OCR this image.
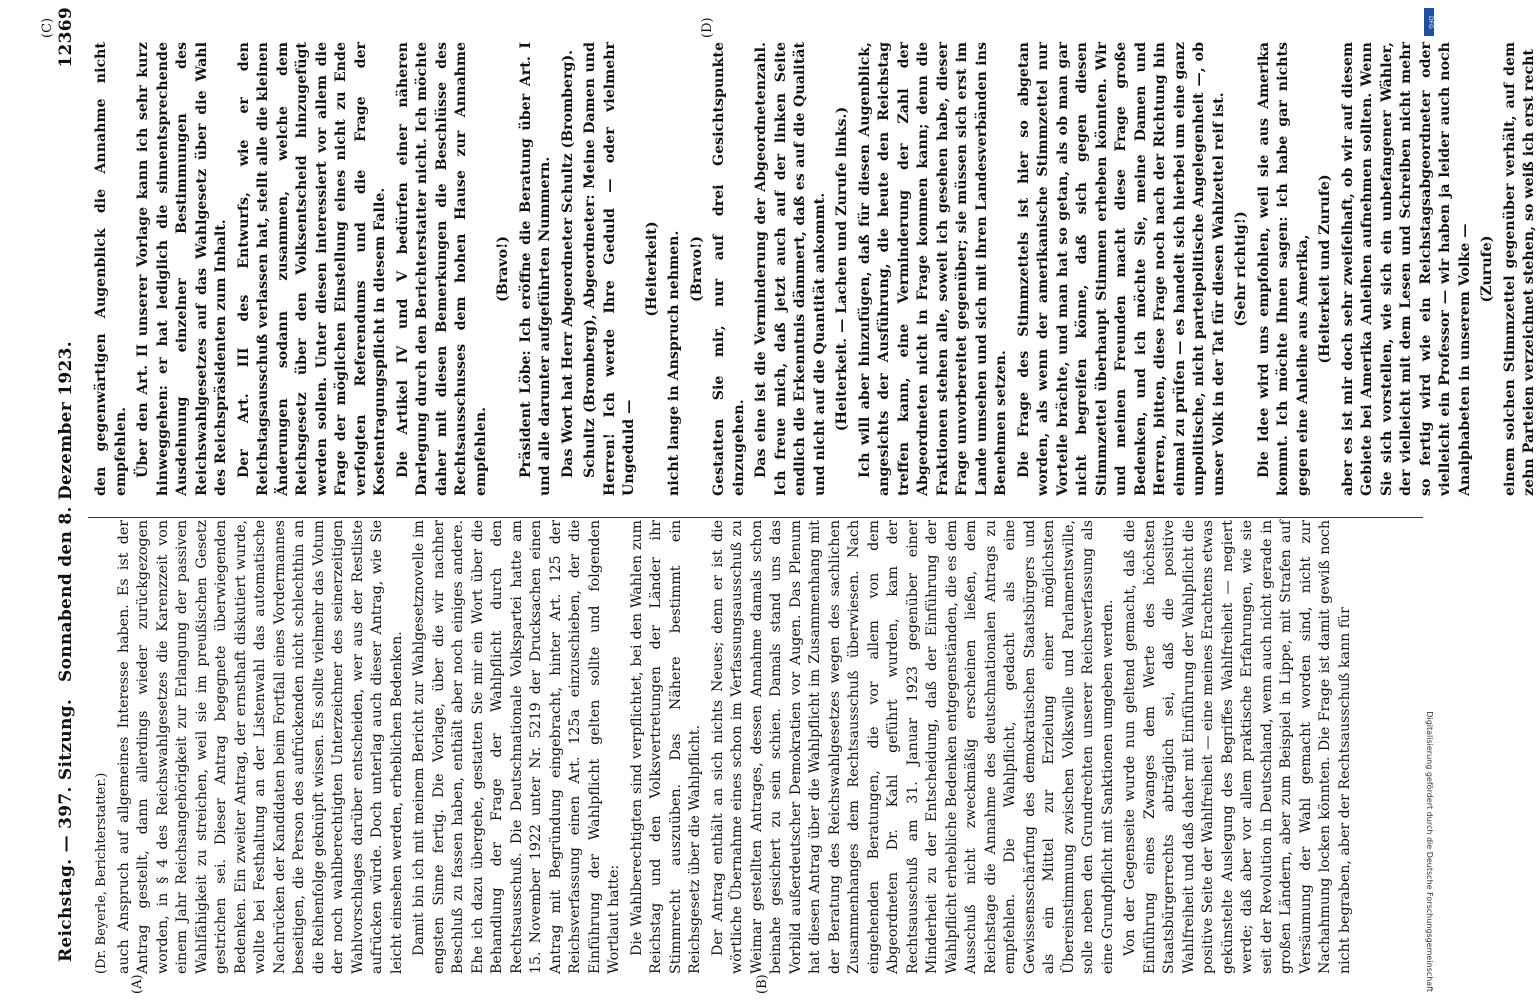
Reichstag. — 397. Sitzung.
Sonnabend den 8. Dezember 1923.
12369
(A)	(B)
(C)	(D)

(Dr. Beyerle, Berichterstatter.) auch Anspruch auf allgemeines Interesse haben. Es ist der Antrag gestellt, dann allerdings wieder zurückgezogen worden, in § 4 des Reichswahlgesetzes die Karenzzeit von einem Jahr Reichsangehörigkeit zur Erlangung der passiven Wahlfähigkeit zu streichen, weil sie im preußischen Gesetz gestrichen sei. Dieser Antrag begegnete überwiegenden Bedenken. Ein zweiter Antrag, der ernsthaft diskutiert wurde, wollte bei Festhaltung an der Listenwahl das automatische Nachrücken der Kandidaten beim Fortfall eines Vordermannes beseitigen, die Person des aufrückenden nicht schlechthin an die Reihenfolge geknüpft wissen. Es sollte vielmehr das Votum der noch wahlberechtigten Unterzeichner des seinerzeitigen Wahlvorschlages darüber entscheiden, wer aus der Restliste aufrücken würde. Doch unterlag auch dieser Antrag, wie Sie leicht einsehen werden, erheblichen Bedenken. Damit bin ich mit meinem Bericht zur Wahlgesetznovelle im engsten Sinne fertig. Die Vorlage, über die wir nachher Beschluß zu fassen haben, enthält aber noch einiges andere. Ehe ich dazu übergehe, gestatten Sie mir ein Wort über die Behandlung der Frage der Wahlpflicht durch den Rechtsausschuß. Die Deutschnationale Volkspartei hatte am 15. November 1922 unter Nr. 5219 der Drucksachen einen Antrag mit Begründung eingebracht, hinter Art. 125 der Reichsverfassung einen Art. 125a einzuschieben, der die Einführung der Wahlpflicht gelten sollte und folgenden Wortlaut hatte: Die Wahlberechtigten sind verpflichtet, bei den Wahlen zum Reichstag und den Volksvertretungen der Länder ihr Stimmrecht auszuüben. Das Nähere bestimmt ein Reichsgesetz über die Wahlpflicht. Der Antrag enthält an sich nichts Neues; denn er ist die wörtliche Übernahme eines schon im Verfassungsausschuß zu Weimar gestellten Antrages, dessen Annahme damals schon beinahe gesichert zu sein schien. Damals stand uns das Vorbild außerdeutscher Demokratien vor Augen. Das Plenum hat diesen Antrag über die Wahlpflicht im Zusammenhang mit der Beratung des Reichswahlgesetzes wegen des sachlichen Zusammenhanges dem Rechtsausschuß überwiesen. Nach eingehenden Beratungen, die vor allem von dem Abgeordneten Dr. Kahl geführt wurden, kam der Rechtsausschuß am 31. Januar 1923 gegenüber einer Minderheit zu der Entscheidung, daß der Einführung der Wahlpflicht erhebliche Bedenken entgegenständen, die es dem Ausschuß nicht zweckmäßig erscheinen ließen, dem Reichstage die Annahme des deutschnationalen Antrags zu empfehlen. Die Wahlpflicht, gedacht als eine Gewissensschärfung des demokratischen Staatsbürgers und als ein Mittel zur Erzielung einer möglichsten Übereinstimmung zwischen Volkswille und Parlamentswille, solle neben den Grundrechten unserer Reichsverfassung als eine Grundpflicht mit Sanktionen umgeben werden. Von der Gegenseite wurde nun geltend gemacht, daß die Einführung eines Zwanges dem Werte des höchsten Staatsbürgerrechts abträglich sei, daß die positive Wahlfreiheit und daß daher mit Einführung der Wahlpflicht die positive Seite der Wahlfreiheit — eine meines Erachtens etwas gekünstelte Auslegung des Begriffes Wahlfreiheit — negiert werde; daß aber vor allem praktische Erfahrungen, wie sie seit der Revolution in Deutschland, wenn auch nicht gerade in großen Ländern, aber zum Beispiel in Lippe, mit Strafen auf Versäumung der Wahl gemacht worden sind, nicht zur Nachahmung locken könnten. Die Frage ist damit gewiß noch nicht begraben, aber der Rechtsausschuß kann für

den gegenwärtigen Augenblick die Annahme nicht empfehlen. Über den Art. II unserer Vorlage kann ich sehr kurz hinweggehen: er hat lediglich die sinnentsprechende Ausdehnung einzelner Bestimmungen des Reichswahlgesetzes auf das Wahlgesetz über die Wahl des Reichspräsidenten zum Inhalt. Der Art. III des Entwurfs, wie er den Reichstagsausschuß verlassen hat, stellt alle die kleinen Änderungen sodann zusammen, welche dem Reichsgesetz über den Volksentscheid hinzugefügt werden sollen. Unter diesen interessiert vor allem die Frage der möglichen Einstellung eines nicht zu Ende verfolgten Referendums und die Frage der Kostentragungspflicht in diesem Falle. Die Artikel IV und V bedürfen einer näheren Darlegung durch den Berichterstatter nicht. Ich möchte daher mit diesen Bemerkungen die Beschlüsse des Rechtsausschusses dem hohen Hause zur Annahme empfehlen.

(Bravo!) Präsident Löbe: Ich eröffne die Beratung über Art. I und alle darunter aufgeführten Nummern. Das Wort hat Herr Abgeordneter Schultz (Bromberg). Schultz (Bromberg), Abgeordneter: Meine Damen und Herren! Ich werde Ihre Geduld — oder vielmehr Ungeduld —

(Heiterkeit) nicht lange in Anspruch nehmen. (Bravo!) Gestatten Sie mir, nur auf drei Gesichtspunkte einzugehen. Das eine ist die Verminderung der Abgeordnetenzahl. Ich freue mich, daß jetzt auch auf der linken Seite endlich die Erkenntnis dämmert, daß es auf die Qualität und nicht auf die Quantität ankommt. (Heiterkeit. — Lachen und Zurufe links.) Ich will aber hinzufügen, daß für diesen Augenblick, angesichts der Ausführung, die heute den Reichstag treffen kann, eine Verminderung der Zahl der Abgeordneten nicht in Frage kommen kann; denn die Fraktionen stehen alle, soweit ich gesehen habe, dieser Frage unvorbereitet gegenüber; sie müssen sich erst im Lande umsehen und sich mit ihren Landesverbänden ins Benehmen setzen. Die Frage des Stimmzettels ist hier so abgetan worden, als wenn der amerikanische Stimmzettel nur Vorteile brächte, und man hat so getan, als ob man gar nicht begreifen könne, daß sich gegen diesen Stimmzettel überhaupt Stimmen erheben könnten. Wir und meinen Freunden macht diese Frage große Bedenken, und ich möchte Sie, meine Damen und Herren, bitten, diese Frage noch nach der Richtung hin einmal zu prüfen — es handelt sich hierbei um eine ganz unpolitische, nicht parteipolitische Angelegenheit —, ob unser Volk in der Tat für diesen Wahlzettel reif ist. (Sehr richtig!) Die Idee wird uns empfohlen, weil sie aus Amerika kommt. Ich möchte Ihnen sagen: ich habe gar nichts gegen eine Anleihe aus Amerika, (Heiterkeit und Zurufe) aber es ist mir doch sehr zweifelhaft, ob wir auf diesem Gebiete bei Amerika Anleihen aufnehmen sollten. Wenn Sie sich vorstellen, wie sich ein unbefangener Wähler, der vielleicht mit dem Lesen und Schreiben nicht mehr so fertig wird wie ein Reichstagsabgeordneter oder vielleicht ein Professor — wir haben ja leider auch noch Analphabeten in unserem Volke — (Zurufe) einem solchen Stimmzettel gegenüber verhält, auf dem zehn Parteien verzeichnet stehen, so weiß ich erst recht

Digitalisierung gefördert durch die Deutsche Forschungsgemeinschaft
DFG
